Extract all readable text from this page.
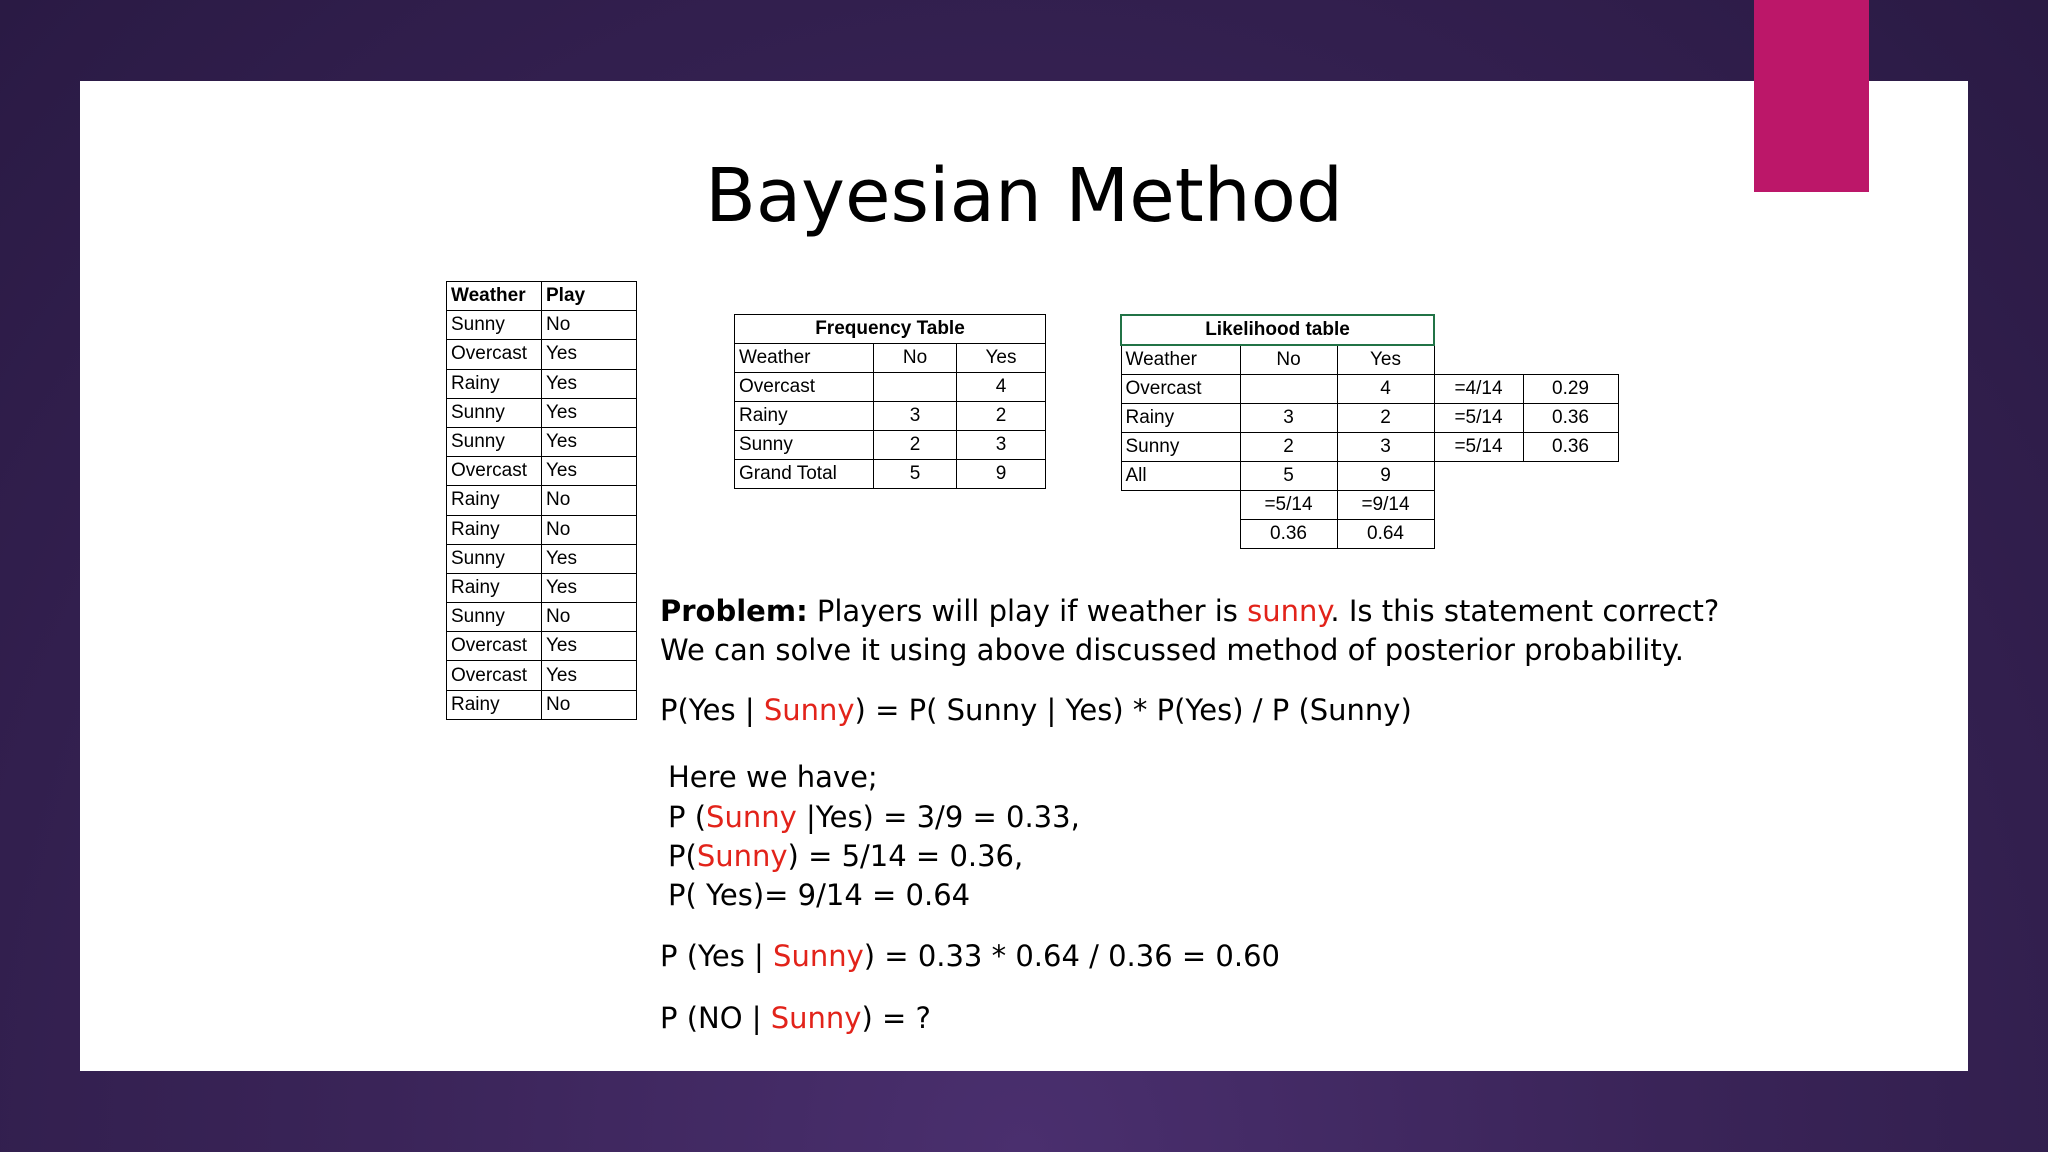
Bayesian Method
Weather	Play
Sunny	No
Overcast	Yes
Rainy	Yes
Sunny	Yes
Sunny	Yes
Overcast	Yes
Rainy	No
Rainy	No
Sunny	Yes
Rainy	Yes
Sunny	No
Overcast	Yes
Overcast	Yes
Rainy	No
Frequency Table		
Weather	No	Yes
Overcast		4
Rainy	3	2
Sunny	2	3
Grand Total	5	9
Likelihood table				
Weather	No	Yes		
Overcast		4	=4/14	0.29
Rainy	3	2	=5/14	0.36
Sunny	2	3	=5/14	0.36
All	5	9		
	=5/14	=9/14		
	0.36	0.64		
Problem: Players will play if weather is sunny. Is this statement correct?
We can solve it using above discussed method of posterior probability.
P(Yes | Sunny) = P( Sunny | Yes) * P(Yes) / P (Sunny)
Here we have;
P (Sunny |Yes) = 3/9 = 0.33,
P(Sunny) = 5/14 = 0.36,
P( Yes)= 9/14 = 0.64
P (Yes | Sunny) = 0.33 * 0.64 / 0.36 = 0.60
P (NO | Sunny) = ?
